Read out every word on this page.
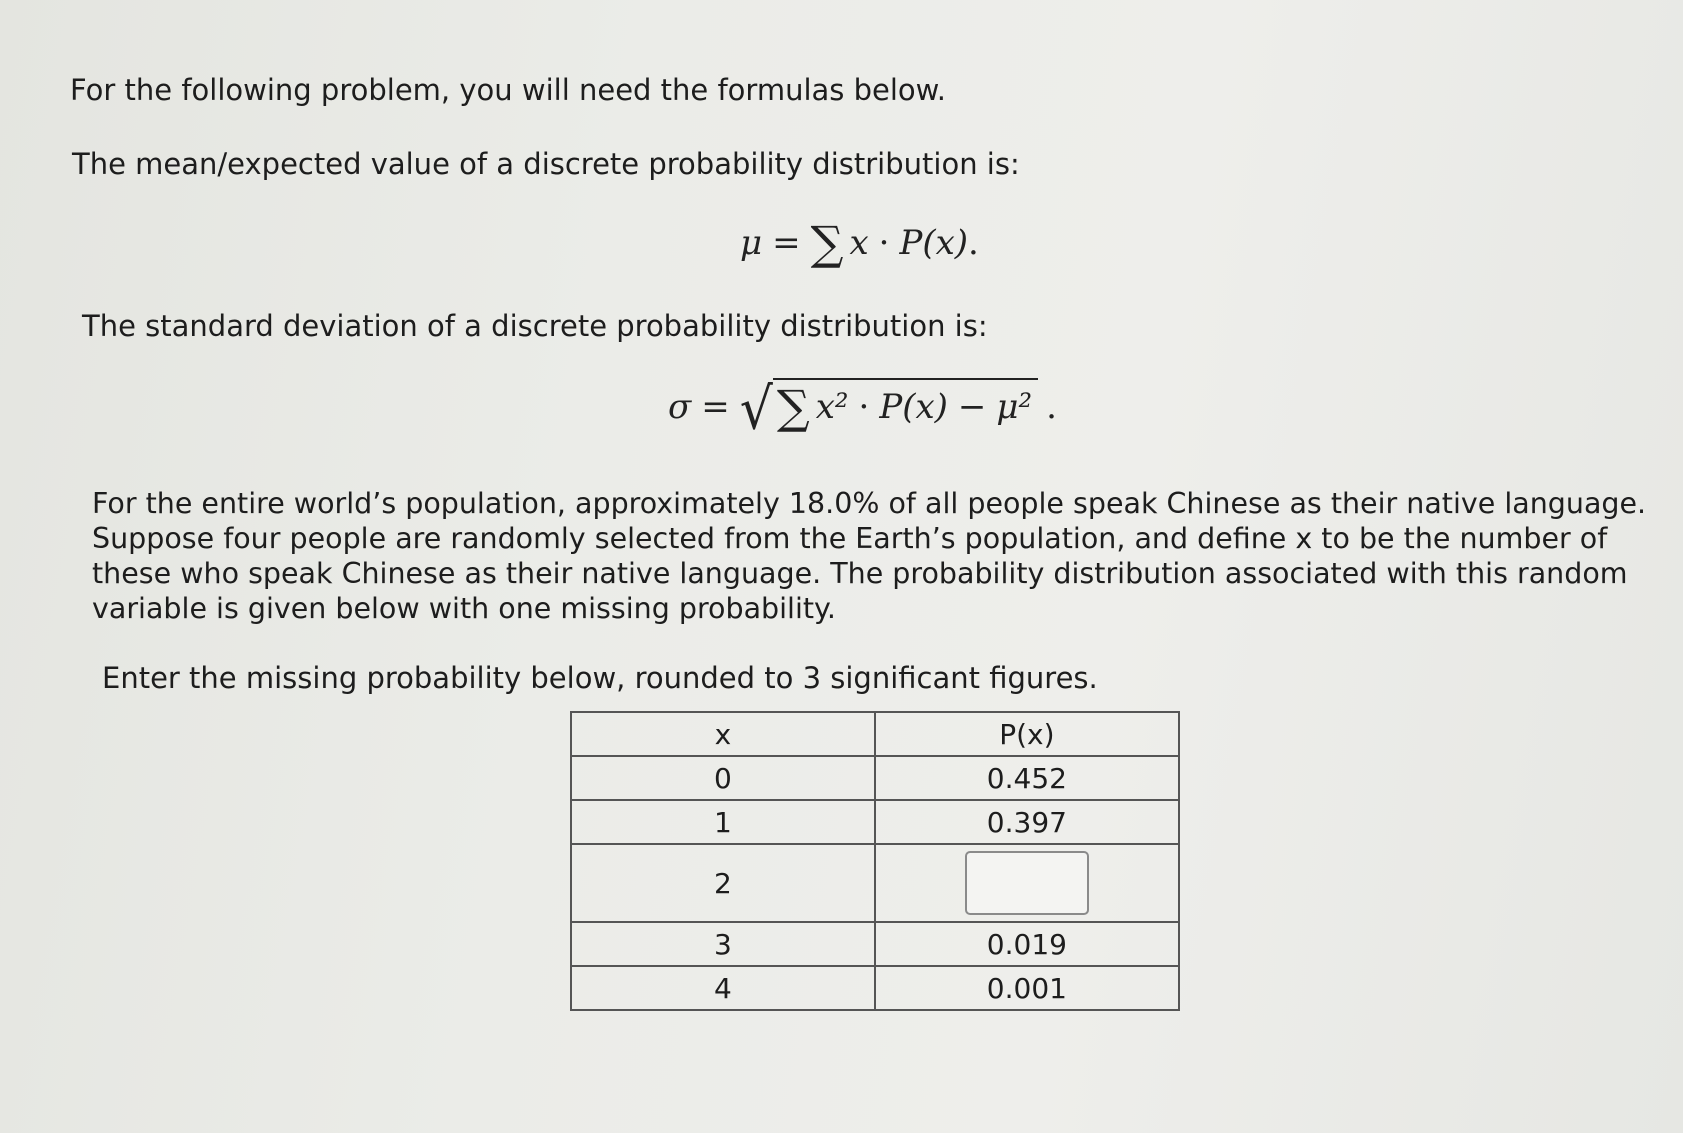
For the following problem, you will need the formulas below.

The mean/expected value of a discrete probability distribution is:

μ = ∑ x · P(x) .

The standard deviation of a discrete probability distribution is:

σ = √ ∑ x² · P(x) − μ² .
For the entire world’s population, approximately 18.0% of all people speak Chinese as their native language.
Suppose four people are randomly selected from the Earth’s population, and define x to be the number of
these who speak Chinese as their native language. The probability distribution associated with this random
variable is given below with one missing probability.

Enter the missing probability below, rounded to 3 significant figures.

x	P(x)
0	0.452
1	0.397
2	
3	0.019
4	0.001
